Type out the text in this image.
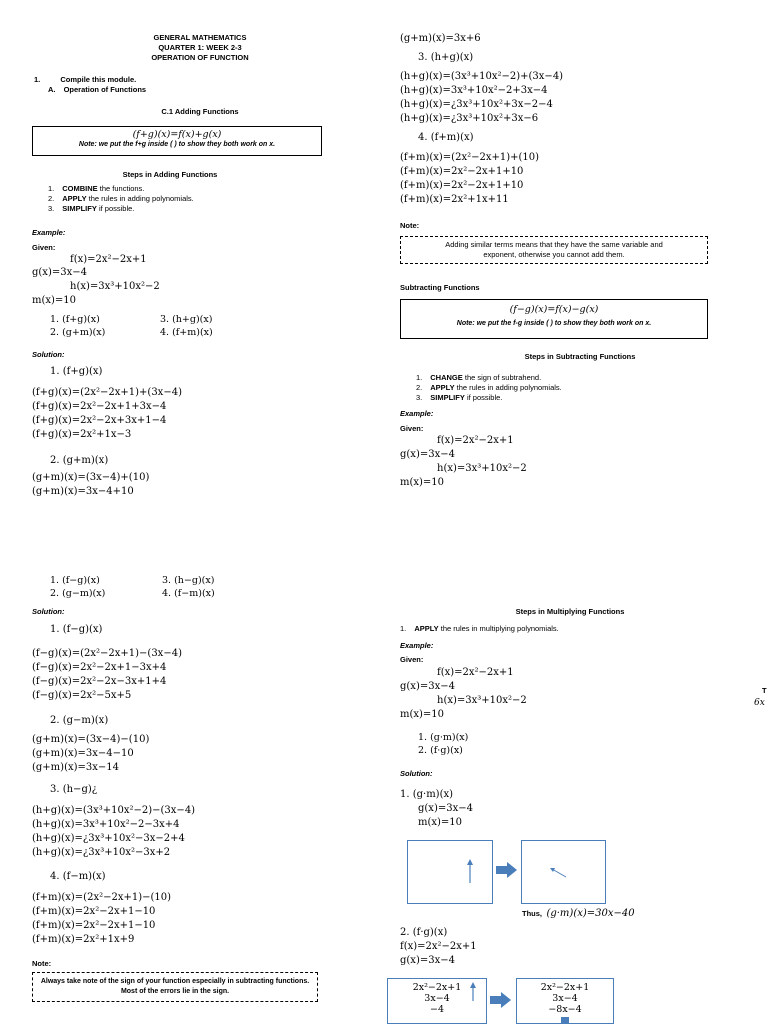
GENERAL MATHEMATICS
QUARTER 1: WEEK 2-3
OPERATION OF FUNCTION
1.	Compile this module.
A. Operation of Functions
C.1 Adding Functions
(f+g)(x)=f(x)+g(x)
Note: we put the f+g inside ( ) to show they both work on x.
Steps in Adding Functions
1. COMBINE the functions.
2. APPLY the rules in adding polynomials.
3. SIMPLIFY if possible.
Example:
Given:
f(x)=2x²−2x+1
g(x)=3x−4
h(x)=3x³+10x²−2
m(x)=10
1. (f+g)(x)	3. (h+g)(x)
2. (g+m)(x)	4. (f+m)(x)
Solution:
1. (f+g)(x)
(f+g)(x)=(2x²−2x+1)+(3x−4)
(f+g)(x)=2x²−2x+1+3x−4
(f+g)(x)=2x²−2x+3x+1−4
(f+g)(x)=2x²+1x−3
2. (g+m)(x)
(g+m)(x)=(3x−4)+(10)
(g+m)(x)=3x−4+10
(g+m)(x)=3x+6
3. (h+g)(x)
(h+g)(x)=(3x³+10x²−2)+(3x−4)
(h+g)(x)=3x³+10x²−2+3x−4
(h+g)(x)=¿3x³+10x²+3x−2−4
(h+g)(x)=¿3x³+10x²+3x−6
4. (f+m)(x)
(f+m)(x)=(2x²−2x+1)+(10)
(f+m)(x)=2x²−2x+1+10
(f+m)(x)=2x²−2x+1+10
(f+m)(x)=2x²+1x+11
Note:
Adding similar terms means that they have the same variable and
exponent, otherwise you cannot add them.
Subtracting Functions
(f−g)(x)=f(x)−g(x)
Note: we put the f-g inside ( ) to show they both work on x.
Steps in Subtracting Functions
1. CHANGE the sign of subtrahend.
2. APPLY the rules in adding polynomials.
3. SIMPLIFY if possible.
Example:
Given:
f(x)=2x²−2x+1
g(x)=3x−4
h(x)=3x³+10x²−2
m(x)=10
1. (f−g)(x)	3. (h−g)(x)
2. (g−m)(x)	4. (f−m)(x)
Solution:
1. (f−g)(x)
(f−g)(x)=(2x²−2x+1)−(3x−4)
(f−g)(x)=2x²−2x+1−3x+4
(f−g)(x)=2x²−2x−3x+1+4
(f−g)(x)=2x²−5x+5
2. (g−m)(x)
(g+m)(x)=(3x−4)−(10)
(g+m)(x)=3x−4−10
(g+m)(x)=3x−14
3. (h−g)¿
(h+g)(x)=(3x³+10x²−2)−(3x−4)
(h+g)(x)=3x³+10x²−2−3x+4
(h+g)(x)=¿3x³+10x²−3x−2+4
(h+g)(x)=¿3x³+10x²−3x+2
4. (f−m)(x)
(f+m)(x)=(2x²−2x+1)−(10)
(f+m)(x)=2x²−2x+1−10
(f+m)(x)=2x²−2x+1−10
(f+m)(x)=2x²+1x+9
Note:
Always take note of the sign of your function especially in subtracting functions.
Most of the errors lie in the sign.
Steps in Multiplying Functions
1. APPLY the rules in multiplying polynomials.
Example:
Given:
f(x)=2x²−2x+1
g(x)=3x−4
h(x)=3x³+10x²−2
m(x)=10
1. (g·m)(x)
2. (f·g)(x)
Solution:
1. (g·m)(x)
g(x)=3x−4
m(x)=10
Thus, (g·m)(x)=30x−40
2. (f·g)(x)
f(x)=2x²−2x+1
g(x)=3x−4
2x²−2x+1
3x−4
−4
2x²−2x+1
3x−4
−8x−4
T
6x
